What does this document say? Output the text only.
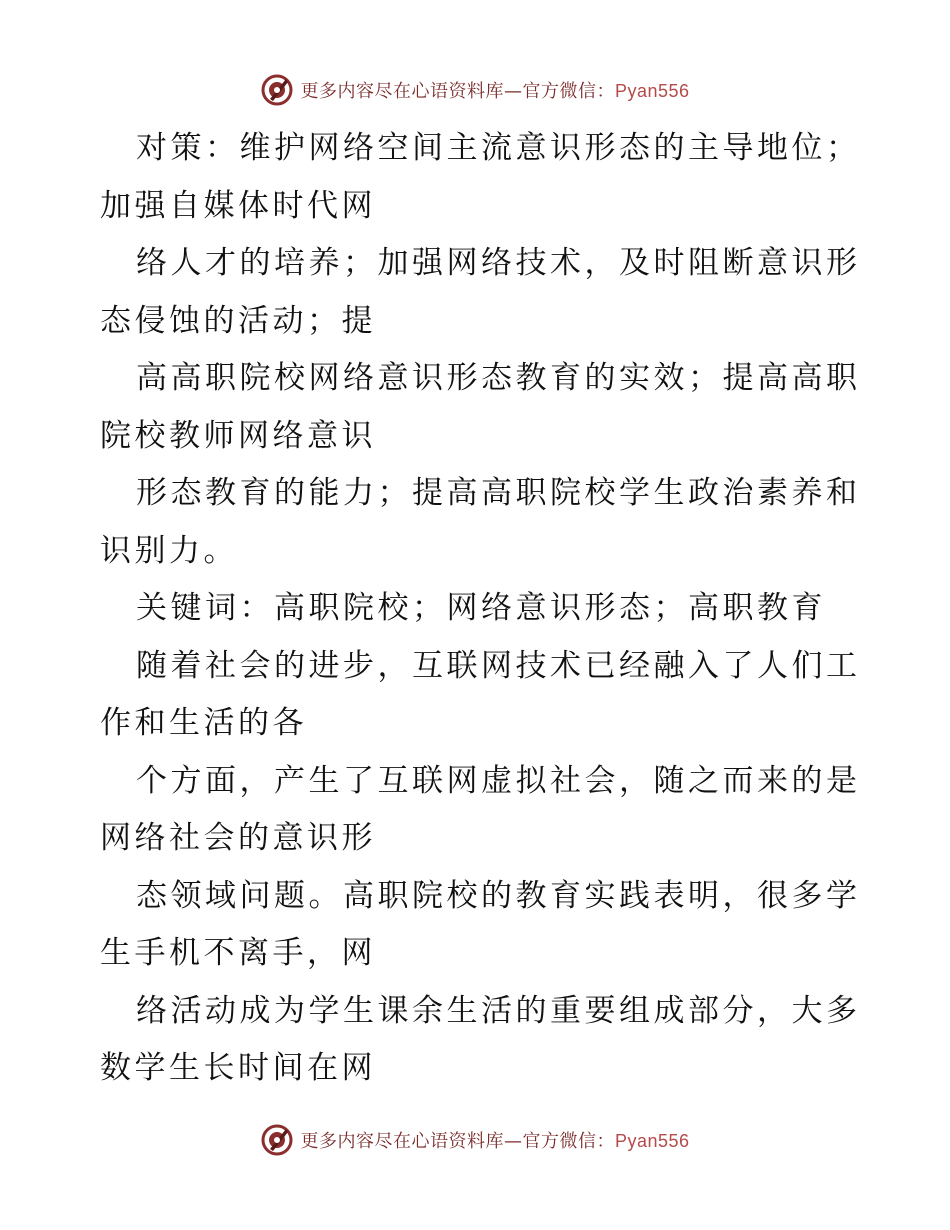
更多内容尽在心语资料库—官方微信：Pyan556
对策：维护网络空间主流意识形态的主导地位；
加强自媒体时代网
络人才的培养；加强网络技术，及时阻断意识形
态侵蚀的活动；提
高高职院校网络意识形态教育的实效；提高高职
院校教师网络意识
形态教育的能力；提高高职院校学生政治素养和
识别力。
关键词：高职院校；网络意识形态；高职教育
随着社会的进步，互联网技术已经融入了人们工
作和生活的各
个方面，产生了互联网虚拟社会，随之而来的是
网络社会的意识形
态领域问题。高职院校的教育实践表明，很多学
生手机不离手，网
络活动成为学生课余生活的重要组成部分，大多
数学生长时间在网
更多内容尽在心语资料库—官方微信：Pyan556
